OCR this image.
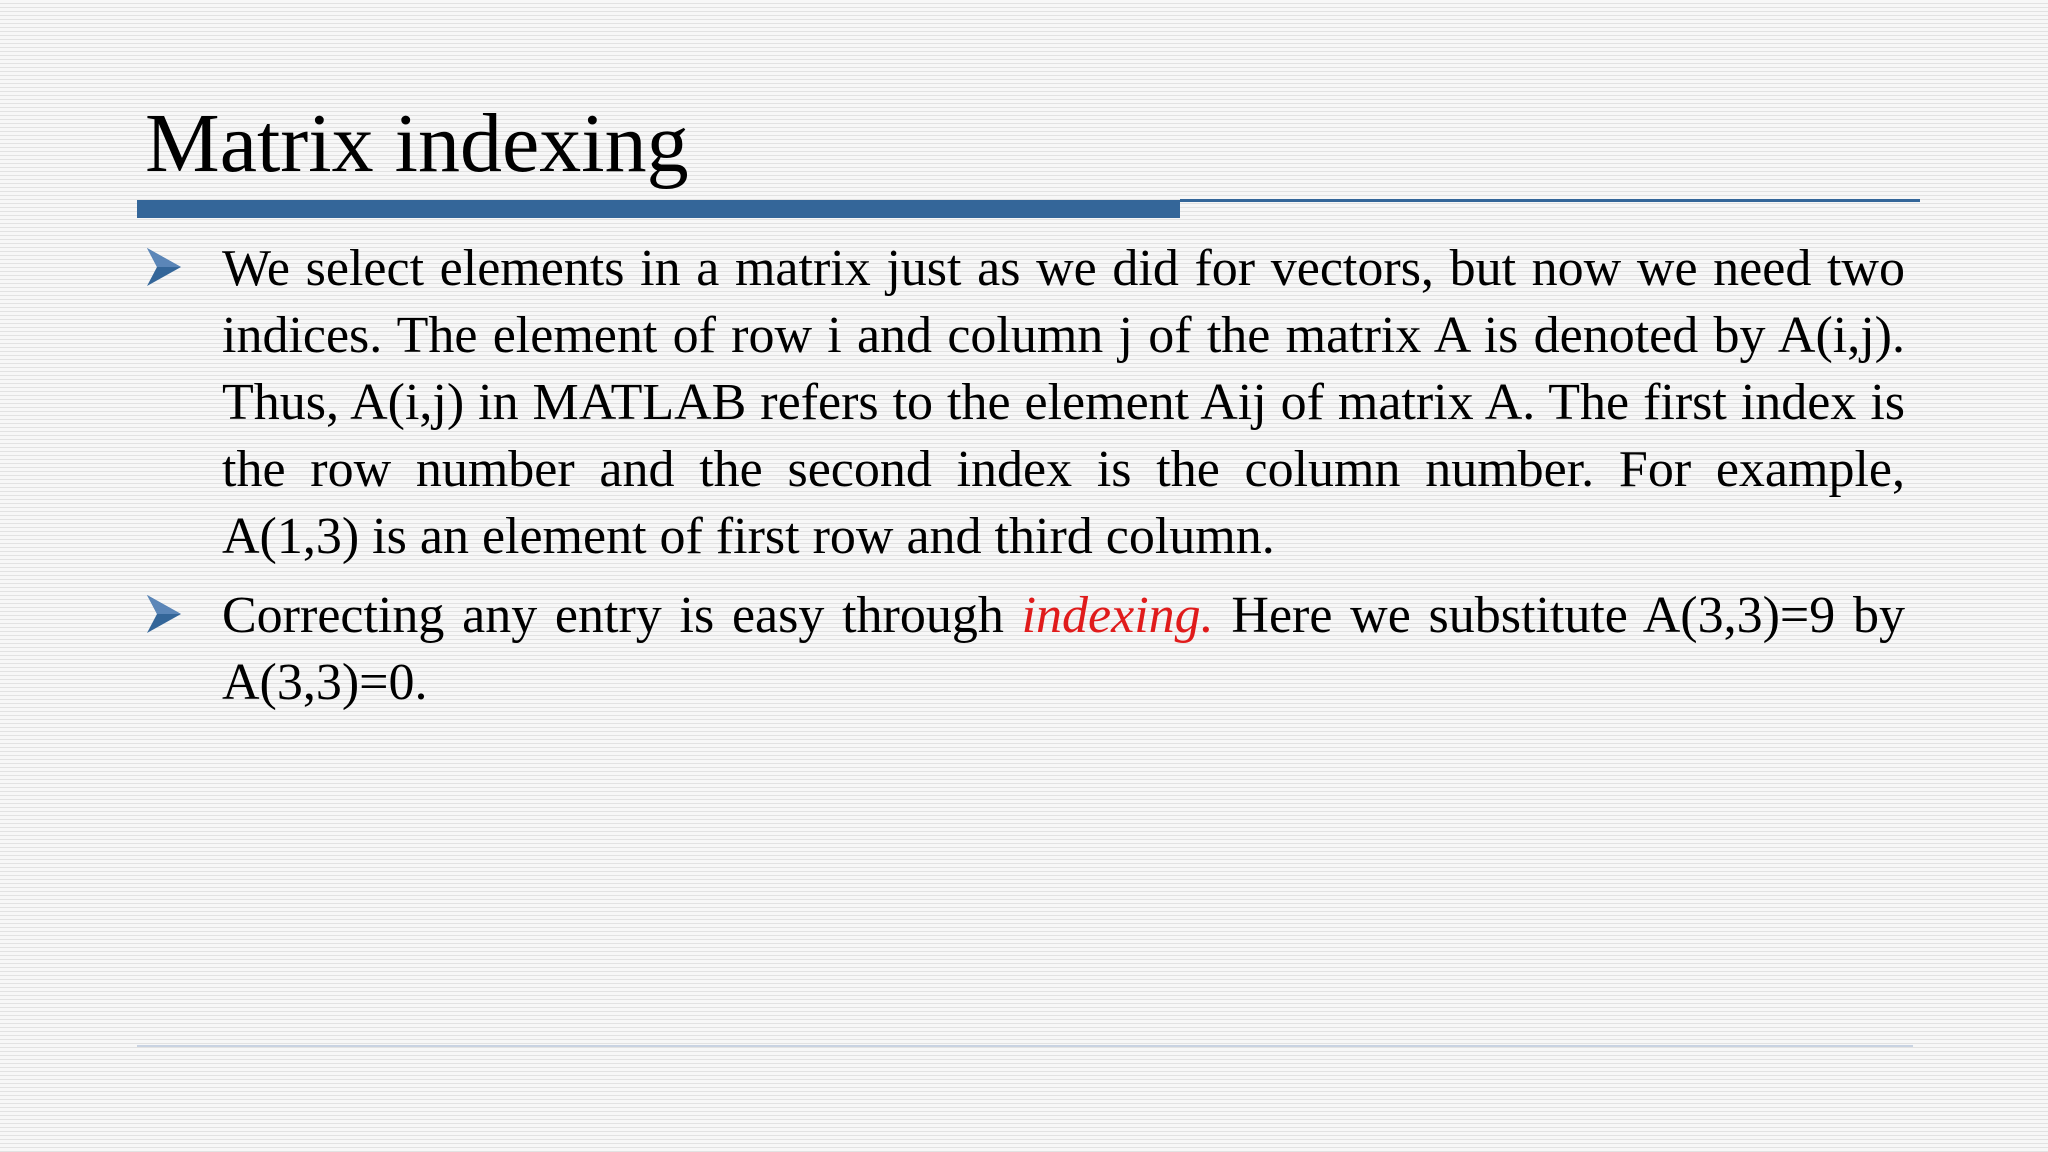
Matrix indexing
We select elements in a matrix just as we did for vectors, but now we need two indices. The element of row i and column j of the matrix A is denoted by A(i,j). Thus, A(i,j) in MATLAB refers to the element Aij of matrix A. The first index is the row number and the second index is the column number. For example, A(1,3) is an element of first row and third column.
Correcting any entry is easy through indexing. Here we substitute A(3,3)=9 by A(3,3)=0.
